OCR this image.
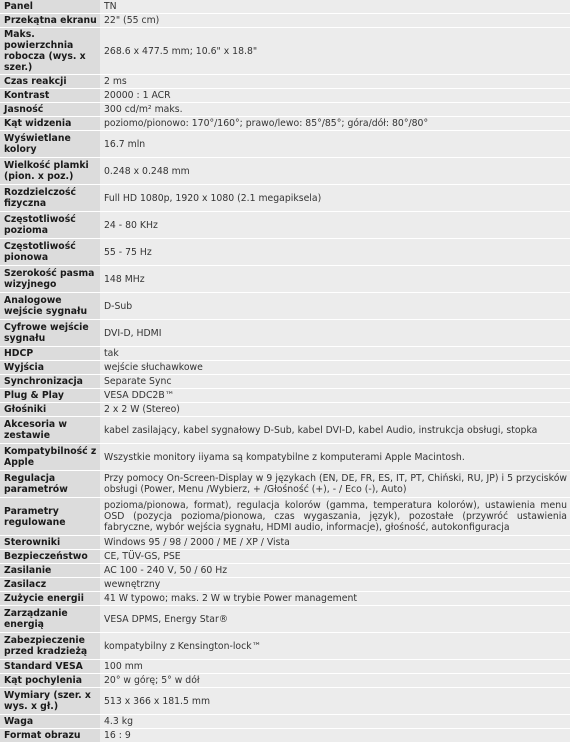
Panel	TN
Przekątna ekranu	22" (55 cm)
Maks. powierzchnia robocza (wys. x szer.)	268.6 x 477.5 mm; 10.6" x 18.8"
Czas reakcji	2 ms
Kontrast	20000 : 1 ACR
Jasność	300 cd/m² maks.
Kąt widzenia	poziomo/pionowo: 170°/160°; prawo/lewo: 85°/85°; góra/dół: 80°/80°
Wyświetlane kolory	16.7 mln
Wielkość plamki (pion. x poz.)	0.248 x 0.248 mm
Rozdzielczość fizyczna	Full HD 1080p, 1920 x 1080 (2.1 megapiksela)
Częstotliwość pozioma	24 - 80 KHz
Częstotliwość pionowa	55 - 75 Hz
Szerokość pasma wizyjnego	148 MHz
Analogowe wejście sygnału	D-Sub
Cyfrowe wejście sygnału	DVI-D, HDMI
HDCP	tak
Wyjścia	wejście słuchawkowe
Synchronizacja	Separate Sync
Plug & Play	VESA DDC2B™
Głośniki	2 x 2 W (Stereo)
Akcesoria w zestawie	kabel zasilający, kabel sygnałowy D-Sub, kabel DVI-D, kabel Audio, instrukcja obsługi, stopka
Kompatybilność z Apple	Wszystkie monitory iiyama są kompatybilne z komputerami Apple Macintosh.
Regulacja parametrów	Przy pomocy On-Screen-Display w 9 językach (EN, DE, FR, ES, IT, PT, Chiński, RU, JP) i 5 przycisków obsługi (Power, Menu /Wybierz, + /Głośność (+), - / Eco (-), Auto)
Parametry regulowane	pozioma/pionowa, format), regulacja kolorów (gamma, temperatura kolorów), ustawienia menu OSD (pozycja pozioma/pionowa, czas wygaszania, język), pozostałe (przywróć ustawienia fabryczne, wybór wejścia sygnału, HDMI audio, informacje), głośność, autokonfiguracja
Sterowniki	Windows 95 / 98 / 2000 / ME / XP / Vista
Bezpieczeństwo	CE, TÜV-GS, PSE
Zasilanie	AC 100 - 240 V, 50 / 60 Hz
Zasilacz	wewnętrzny
Zużycie energii	41 W typowo; maks. 2 W w trybie Power management
Zarządzanie energią	VESA DPMS, Energy Star®
Zabezpieczenie przed kradzieżą	kompatybilny z Kensington-lock™
Standard VESA	100 mm
Kąt pochylenia	20° w górę; 5° w dół
Wymiary (szer. x wys. x gł.)	513 x 366 x 181.5 mm
Waga	4.3 kg
Format obrazu	16 : 9
